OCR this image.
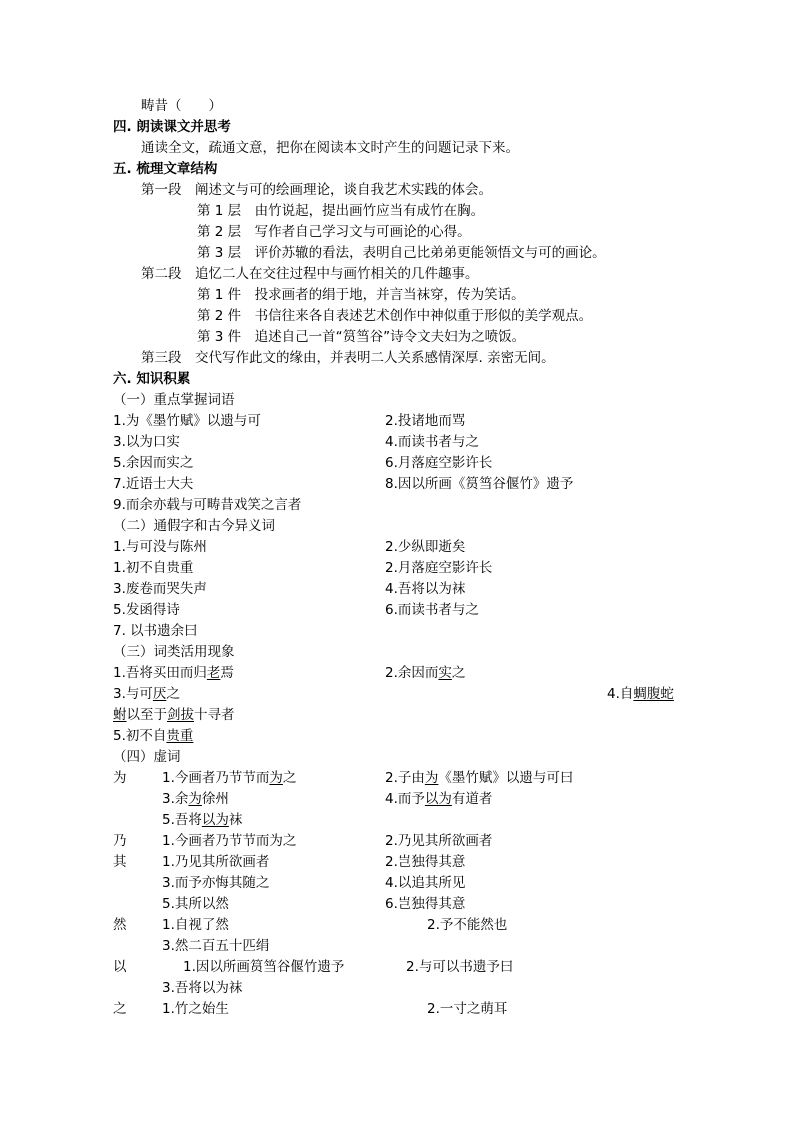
畴昔（　　）
四. 朗读课文并思考
通读全文，疏通文意，把你在阅读本文时产生的问题记录下来。
五. 梳理文章结构
第一段　阐述文与可的绘画理论，谈自我艺术实践的体会。
第 1 层　由竹说起，提出画竹应当有成竹在胸。
第 2 层　写作者自己学习文与可画论的心得。
第 3 层　评价苏辙的看法，表明自己比弟弟更能领悟文与可的画论。
第二段　追忆二人在交往过程中与画竹相关的几件趣事。
第 1 件　投求画者的绢于地，并言当袜穿，传为笑话。
第 2 件　书信往来各自表述艺术创作中神似重于形似的美学观点。
第 3 件　追述自己一首“筼筜谷”诗令文夫妇为之喷饭。
第三段　交代写作此文的缘由，并表明二人关系感情深厚. 亲密无间。
六. 知识积累
（一）重点掌握词语
1.为《墨竹赋》以遗与可	2.投诸地而骂
3.以为口实	4.而读书者与之
5.余因而实之	6.月落庭空影许长
7.近语士大夫	8.因以所画《筼筜谷偃竹》遗予
9.而余亦载与可畴昔戏笑之言者
（二）通假字和古今异义词
1.与可没与陈州	2.少纵即逝矣
1.初不自贵重	2.月落庭空影许长
3.废卷而哭失声	4.吾将以为袜
5.发函得诗	6.而读书者与之
7. 以书遗余曰
（三）词类活用现象
1.吾将买田而归老焉	2.余因而实之
3.与可厌之	4.自蜩腹蛇
蚹以至于剑拔十寻者
5.初不自贵重
（四）虚词
为	1.今画者乃节节而为之	2.子由为《墨竹赋》以遗与可曰
3.余为徐州	4.而予以为有道者
5.吾将以为袜
乃	1.今画者乃节节而为之	2.乃见其所欲画者
其	1.乃见其所欲画者	2.岂独得其意
3.而予亦悔其随之	4.以追其所见
5.其所以然	6.岂独得其意
然	1.自视了然	2.予不能然也
3.然二百五十匹绢
以	1.因以所画筼筜谷偃竹遗予	2.与可以书遗予曰
3.吾将以为袜
之	1.竹之始生	2.一寸之萌耳
